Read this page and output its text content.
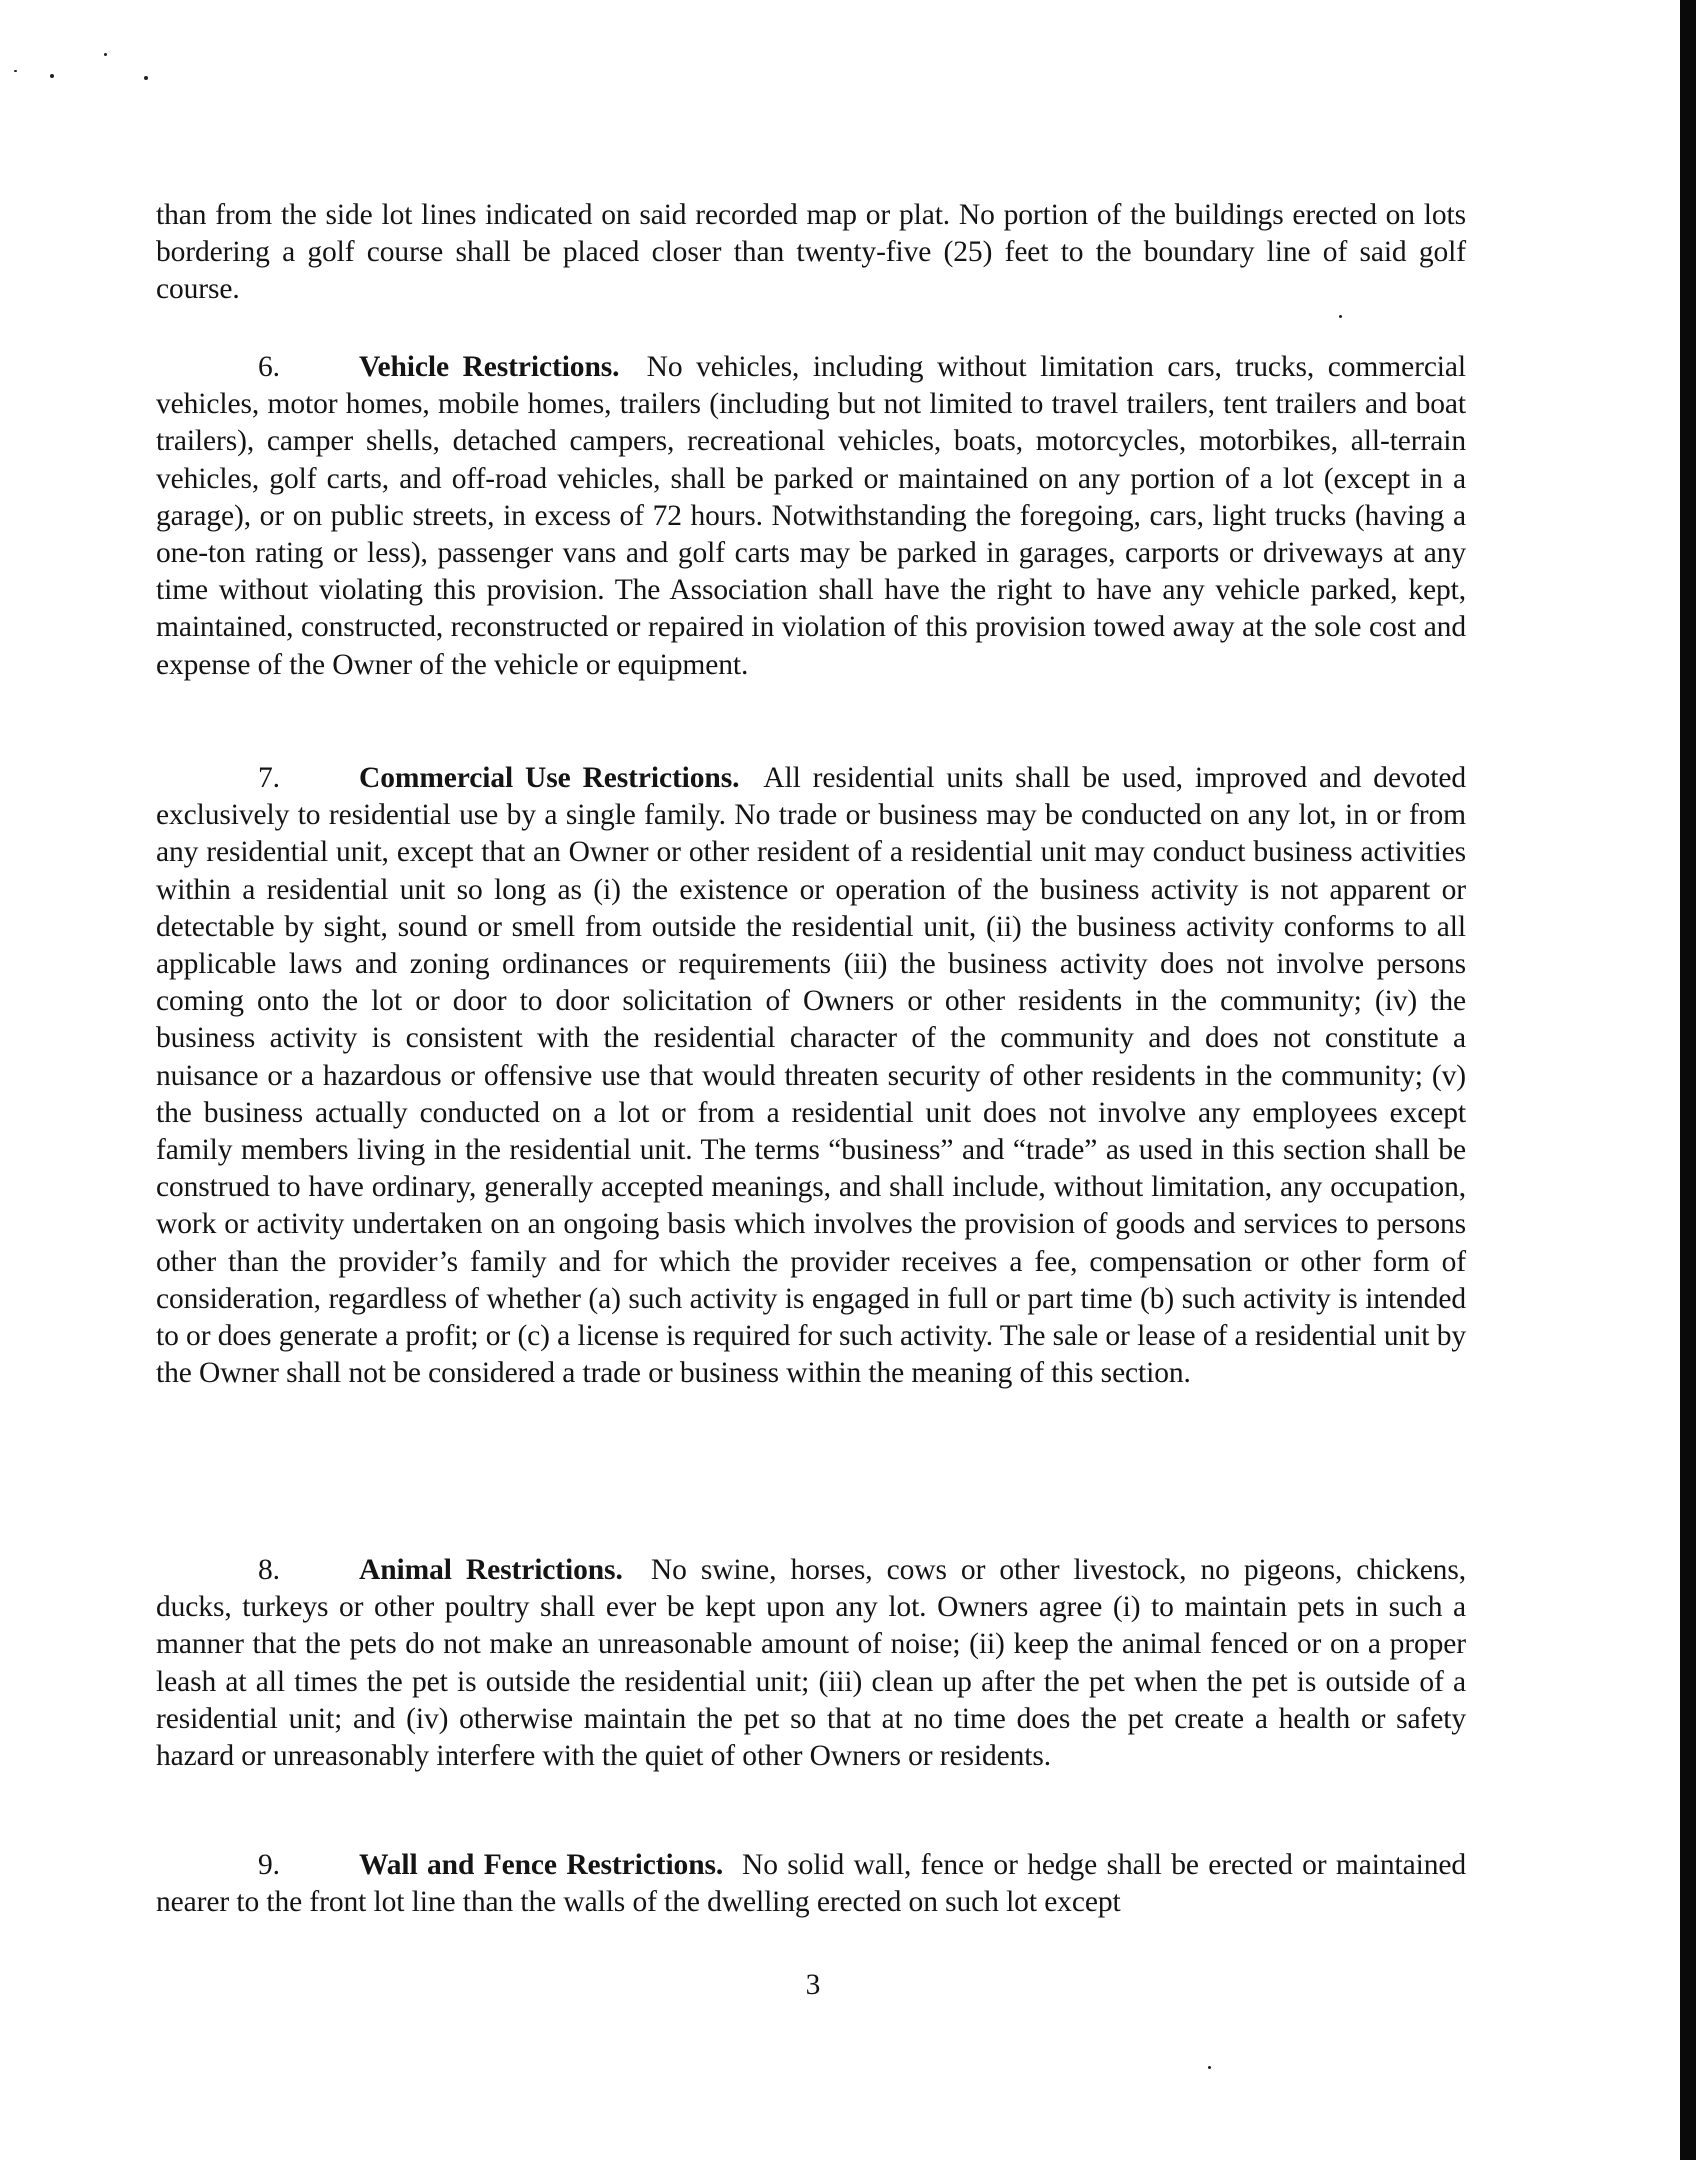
than from the side lot lines indicated on said recorded map or plat. No portion of the buildings erected on lots bordering a golf course shall be placed closer than twenty-five (25) feet to the boundary line of said golf course.

6.	Vehicle Restrictions. No vehicles, including without limitation cars, trucks, commercial vehicles, motor homes, mobile homes, trailers (including but not limited to travel trailers, tent trailers and boat trailers), camper shells, detached campers, recreational vehicles, boats, motorcycles, motorbikes, all-terrain vehicles, golf carts, and off-road vehicles, shall be parked or maintained on any portion of a lot (except in a garage), or on public streets, in excess of 72 hours. Notwithstanding the foregoing, cars, light trucks (having a one-ton rating or less), passenger vans and golf carts may be parked in garages, carports or driveways at any time without violating this provision. The Association shall have the right to have any vehicle parked, kept, maintained, constructed, reconstructed or repaired in violation of this provision towed away at the sole cost and expense of the Owner of the vehicle or equipment.

7.	Commercial Use Restrictions. All residential units shall be used, improved and devoted exclusively to residential use by a single family. No trade or business may be conducted on any lot, in or from any residential unit, except that an Owner or other resident of a residential unit may conduct business activities within a residential unit so long as (i) the existence or operation of the business activity is not apparent or detectable by sight, sound or smell from outside the residential unit, (ii) the business activity conforms to all applicable laws and zoning ordinances or requirements (iii) the business activity does not involve persons coming onto the lot or door to door solicitation of Owners or other residents in the community; (iv) the business activity is consistent with the residential character of the community and does not constitute a nuisance or a hazardous or offensive use that would threaten security of other residents in the community; (v) the business actually conducted on a lot or from a residential unit does not involve any employees except family members living in the residential unit. The terms “business” and “trade” as used in this section shall be construed to have ordinary, generally accepted meanings, and shall include, without limitation, any occupation, work or activity undertaken on an ongoing basis which involves the provision of goods and services to persons other than the provider’s family and for which the provider receives a fee, compensation or other form of consideration, regardless of whether (a) such activity is engaged in full or part time (b) such activity is intended to or does generate a profit; or (c) a license is required for such activity. The sale or lease of a residential unit by the Owner shall not be considered a trade or business within the meaning of this section.

8.	Animal Restrictions. No swine, horses, cows or other livestock, no pigeons, chickens, ducks, turkeys or other poultry shall ever be kept upon any lot. Owners agree (i) to maintain pets in such a manner that the pets do not make an unreasonable amount of noise; (ii) keep the animal fenced or on a proper leash at all times the pet is outside the residential unit; (iii) clean up after the pet when the pet is outside of a residential unit; and (iv) otherwise maintain the pet so that at no time does the pet create a health or safety hazard or unreasonably interfere with the quiet of other Owners or residents.

9.	Wall and Fence Restrictions. No solid wall, fence or hedge shall be erected or maintained nearer to the front lot line than the walls of the dwelling erected on such lot except

3
